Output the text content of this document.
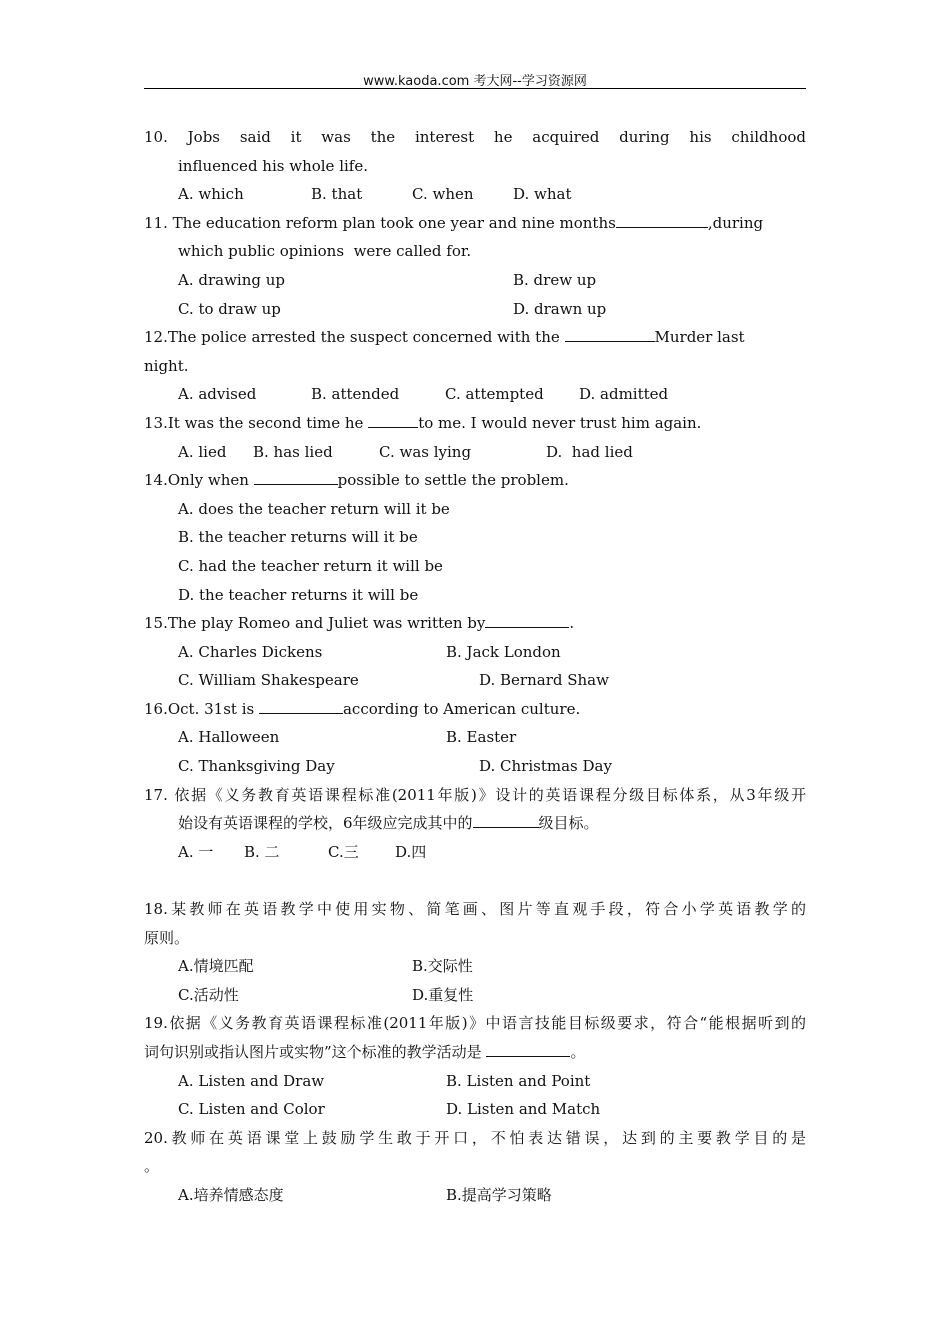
www.kaoda.com 考大网--学习资源网
10. Jobs said it was the interest he acquired during his childhood
influenced his whole life.
A. which	B. that	C. when	D. what
11. The education reform plan took one year and nine months	,during
which public opinions  were called for.
A. drawing up	B. drew up
C. to draw up	D. drawn up
12.The police arrested the suspect concerned with the	Murder last
night.
A. advised	B. attended	C. attempted D. admitted
13.It was the second time he	to me. I would never trust him again.
A. lied B. has lied	C. was lying	D.  had lied
14.Only when	possible to settle the problem.
A. does the teacher return will it be
B. the teacher returns will it be
C. had the teacher return it will be
D. the teacher returns it will be
15.The play Romeo and Juliet was written by	.
A. Charles Dickens	B. Jack London
C. William Shakespeare	D. Bernard Shaw
16.Oct. 31st is	according to American culture.
A. Halloween	B. Easter
C. Thanksgiving Day	D. Christmas Day
17. 依据《义务教育英语课程标准(2011年版)》设计的英语课程分级目标体系，从3年级开
始设有英语课程的学校，6年级应完成其中的	级目标。
A. 一 B. 二	C.三 D.四
18.某教师在英语教学中使用实物、简笔画、图片等直观手段，符合小学英语教学的
原则。
A.情境匹配	B.交际性
C.活动性	D.重复性
19.依据《义务教育英语课程标准(2011年版)》中语言技能目标级要求，符合“能根据听到的
词句识别或指认图片或实物”这个标准的教学活动是	。
A. Listen and Draw	B. Listen and Point
C. Listen and Color	D. Listen and Match
20.教师在英语课堂上鼓励学生敢于开口，不怕表达错误，达到的主要教学目的是
。
A.培养情感态度	B.提高学习策略
